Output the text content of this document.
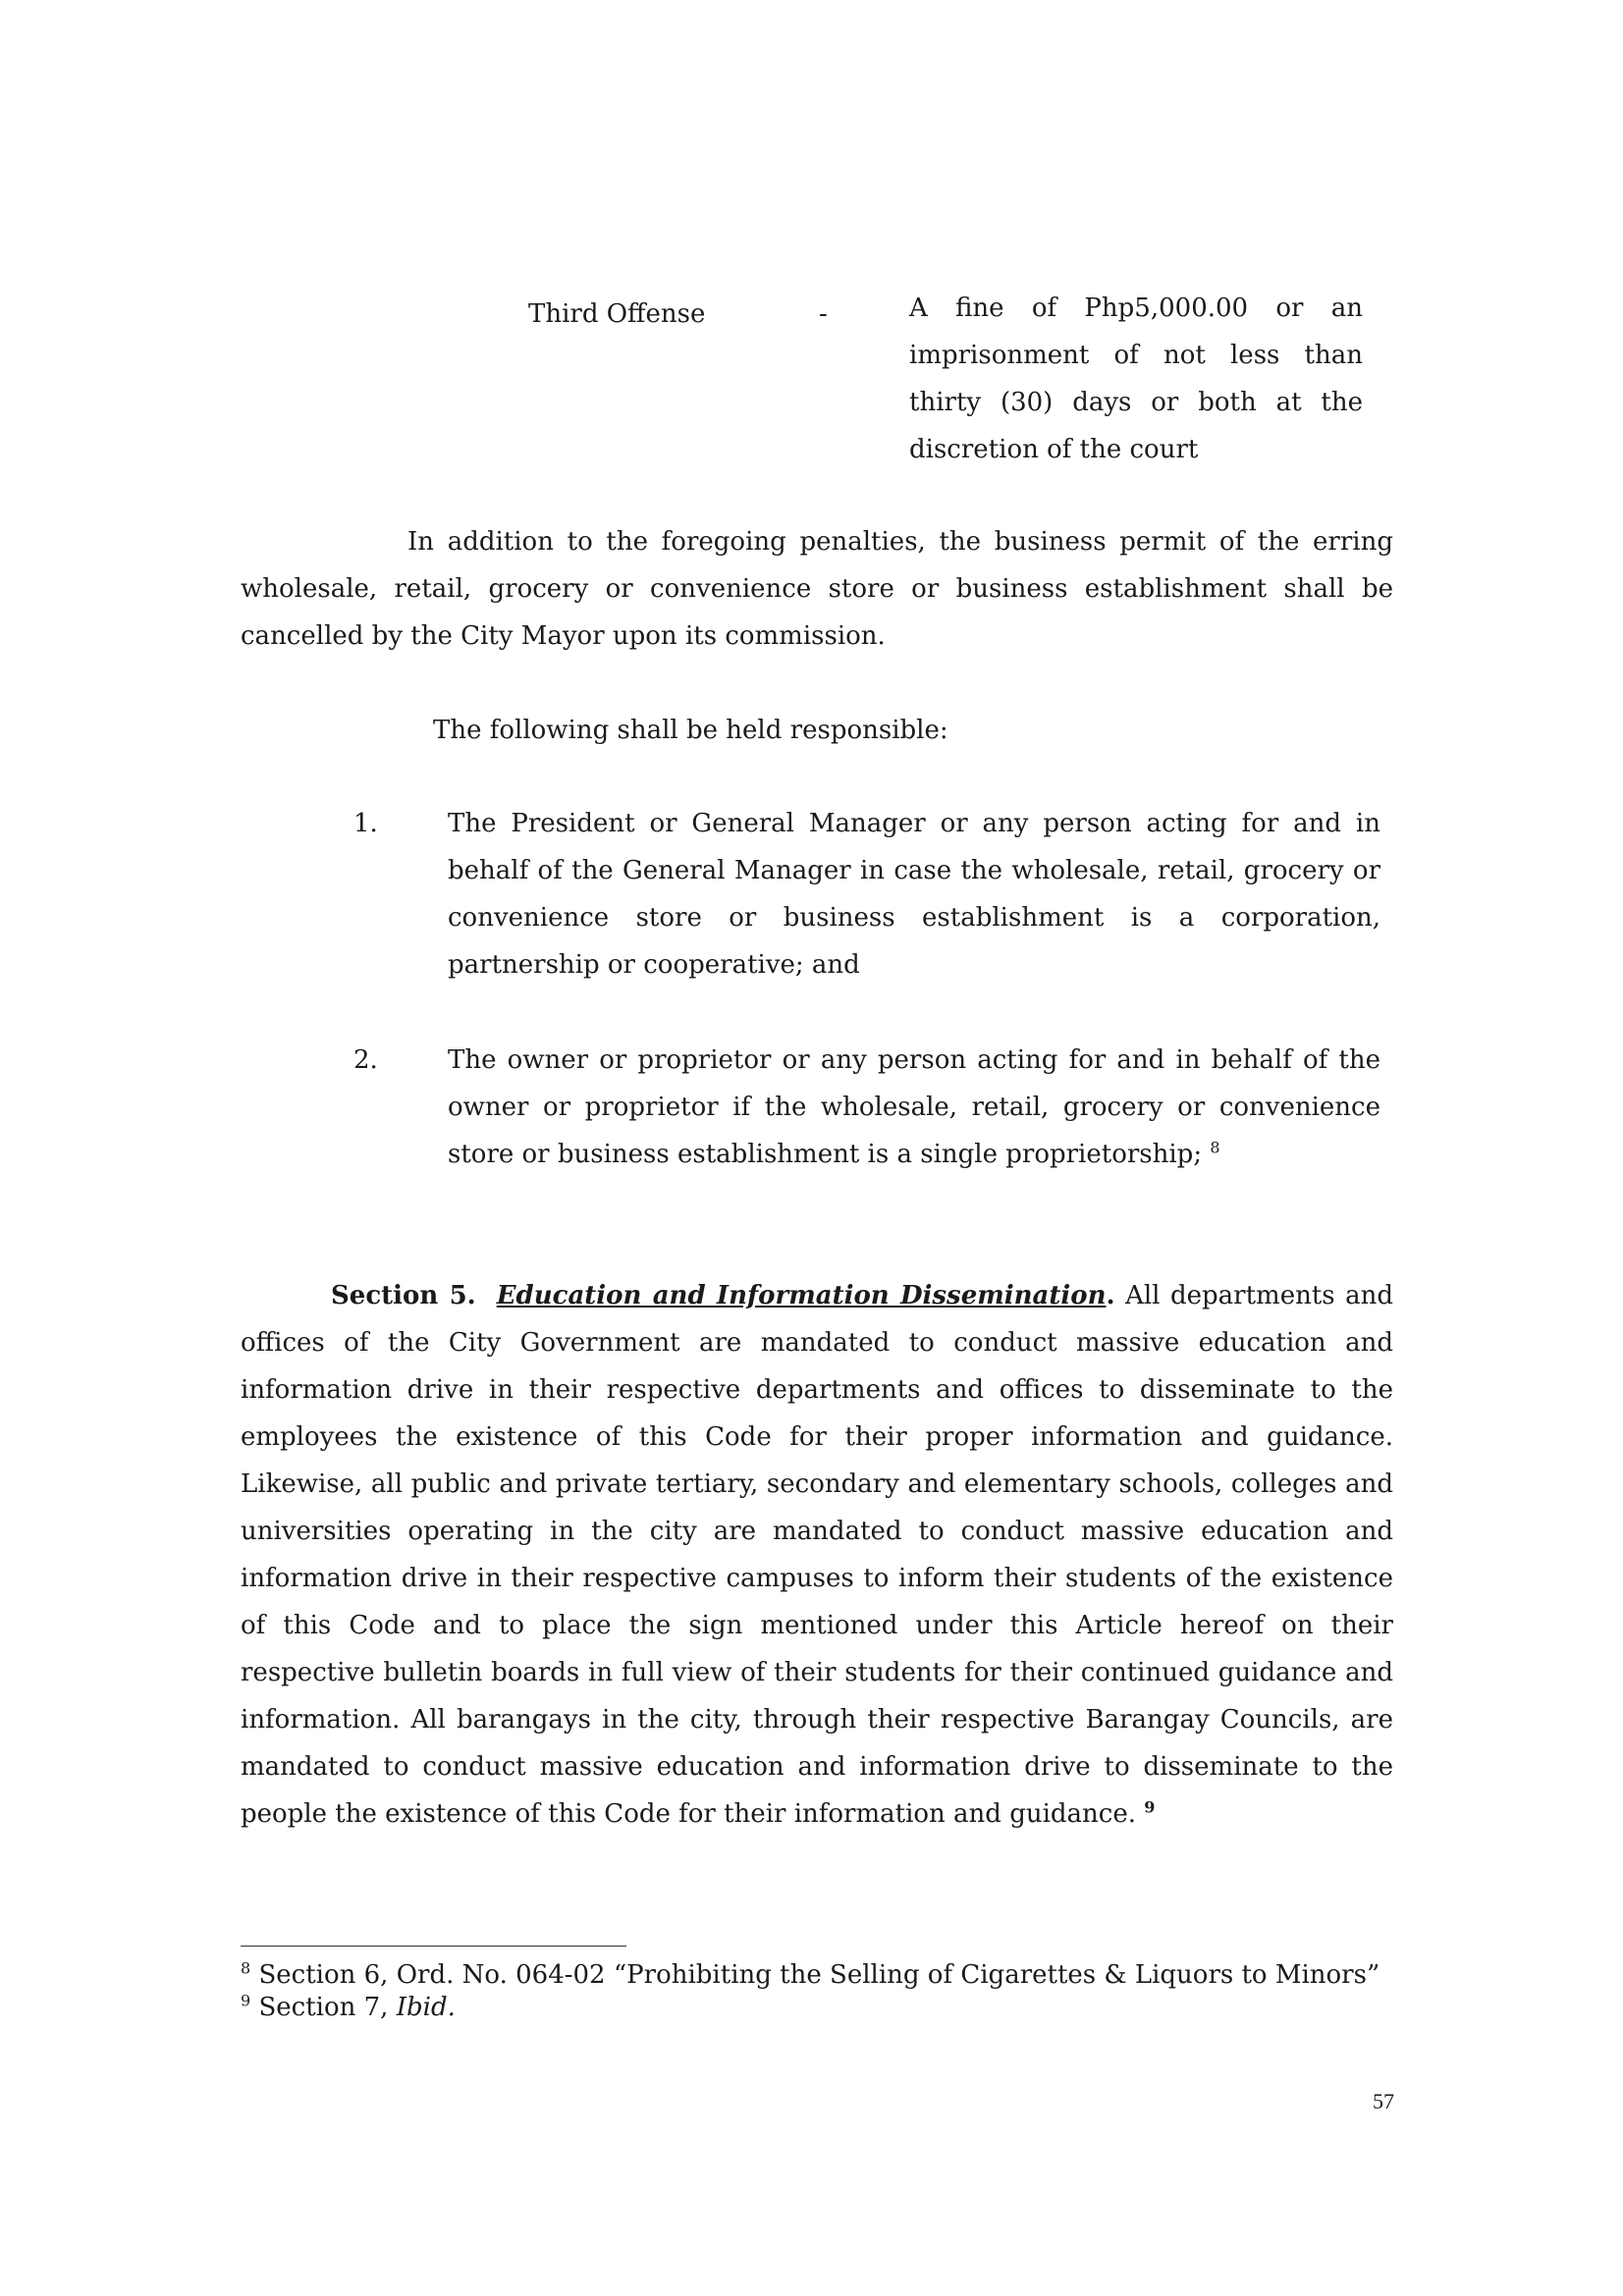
Third Offense	-	A fine of Php5,000.00 or an imprisonment of not less than thirty (30) days or both at the discretion of the court

In addition to the foregoing penalties, the business permit of the erring wholesale, retail, grocery or convenience store or business establishment shall be cancelled by the City Mayor upon its commission.

The following shall be held responsible:
1.	The President or General Manager or any person acting for and in behalf of the General Manager in case the wholesale, retail, grocery or convenience store or business establishment is a corporation, partnership or cooperative; and

2.	The owner or proprietor or any person acting for and in behalf of the owner or proprietor if the wholesale, retail, grocery or convenience store or business establishment is a single proprietorship; $^8$

Section 5. Education and Information Dissemination. All departments and offices of the City Government are mandated to conduct massive education and information drive in their respective departments and offices to disseminate to the employees the existence of this Code for their proper information and guidance. Likewise, all public and private tertiary, secondary and elementary schools, colleges and universities operating in the city are mandated to conduct massive education and information drive in their respective campuses to inform their students of the existence of this Code and to place the sign mentioned under this Article hereof on their respective bulletin boards in full view of their students for their continued guidance and information. All barangays in the city, through their respective Barangay Councils, are mandated to conduct massive education and information drive to disseminate to the people the existence of this Code for their information and guidance. $^9$

$^8$ Section 6, Ord. No. 064-02 “Prohibiting the Selling of Cigarettes & Liquors to Minors”
$^9$ Section 7, Ibid.
57
